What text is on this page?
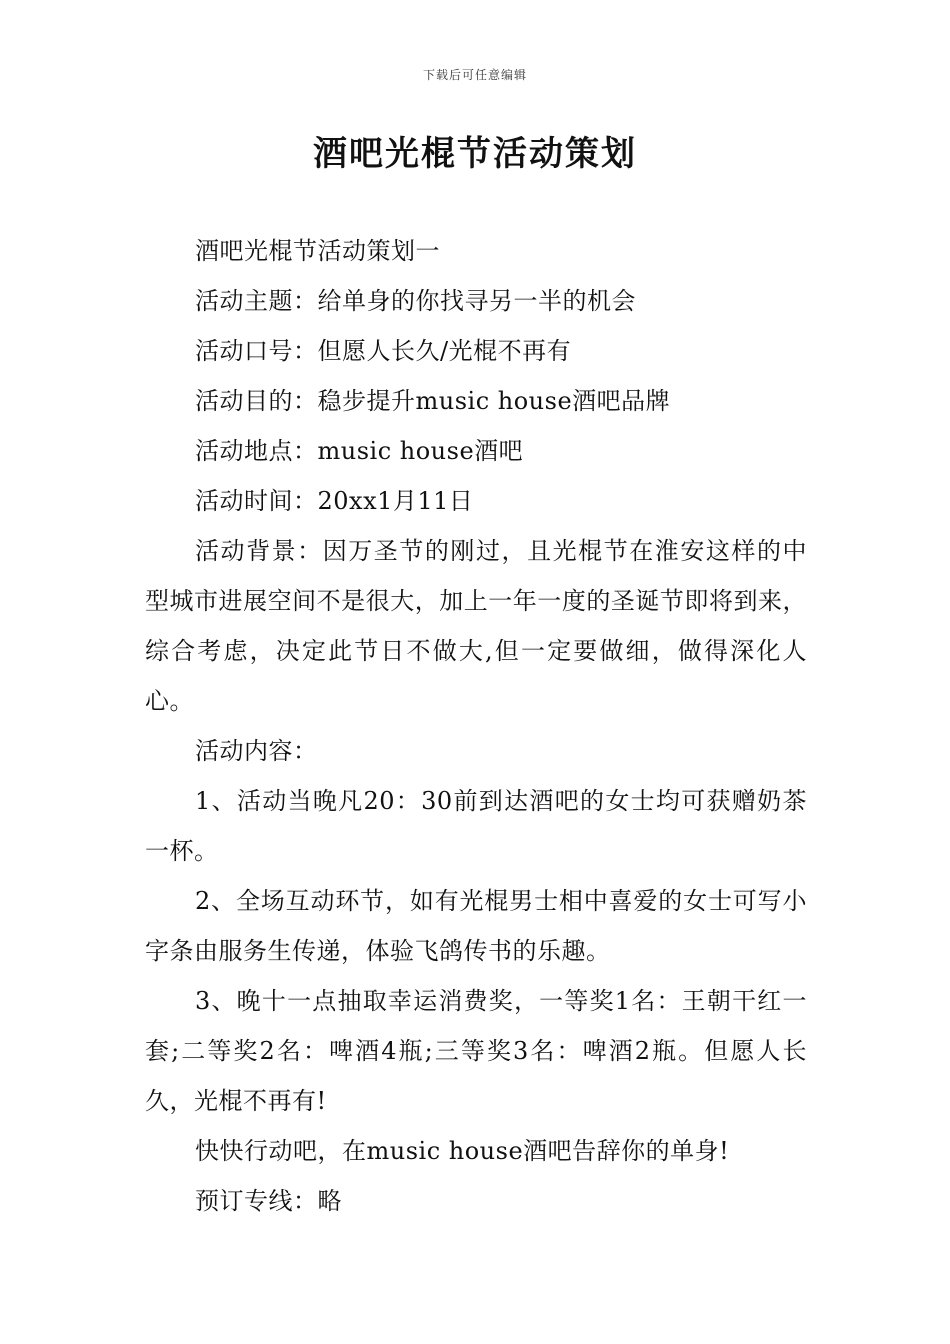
下载后可任意编辑
酒吧光棍节活动策划

酒吧光棍节活动策划一

活动主题：给单身的你找寻另一半的机会

活动口号：但愿人长久/光棍不再有

活动目的：稳步提升music house酒吧品牌

活动地点：music house酒吧

活动时间：20xx1月11日

活动背景：因万圣节的刚过，且光棍节在淮安这样的中型城市进展空间不是很大，加上一年一度的圣诞节即将到来，综合考虑，决定此节日不做大,但一定要做细，做得深化人心。

活动内容：

1、活动当晚凡20：30前到达酒吧的女士均可获赠奶茶一杯。

2、全场互动环节，如有光棍男士相中喜爱的女士可写小字条由服务生传递，体验飞鸽传书的乐趣。

3、晚十一点抽取幸运消费奖，一等奖1名：王朝干红一套;二等奖2名：啤酒4瓶;三等奖3名：啤酒2瓶。但愿人长久，光棍不再有!

快快行动吧，在music house酒吧告辞你的单身!

预订专线：略
